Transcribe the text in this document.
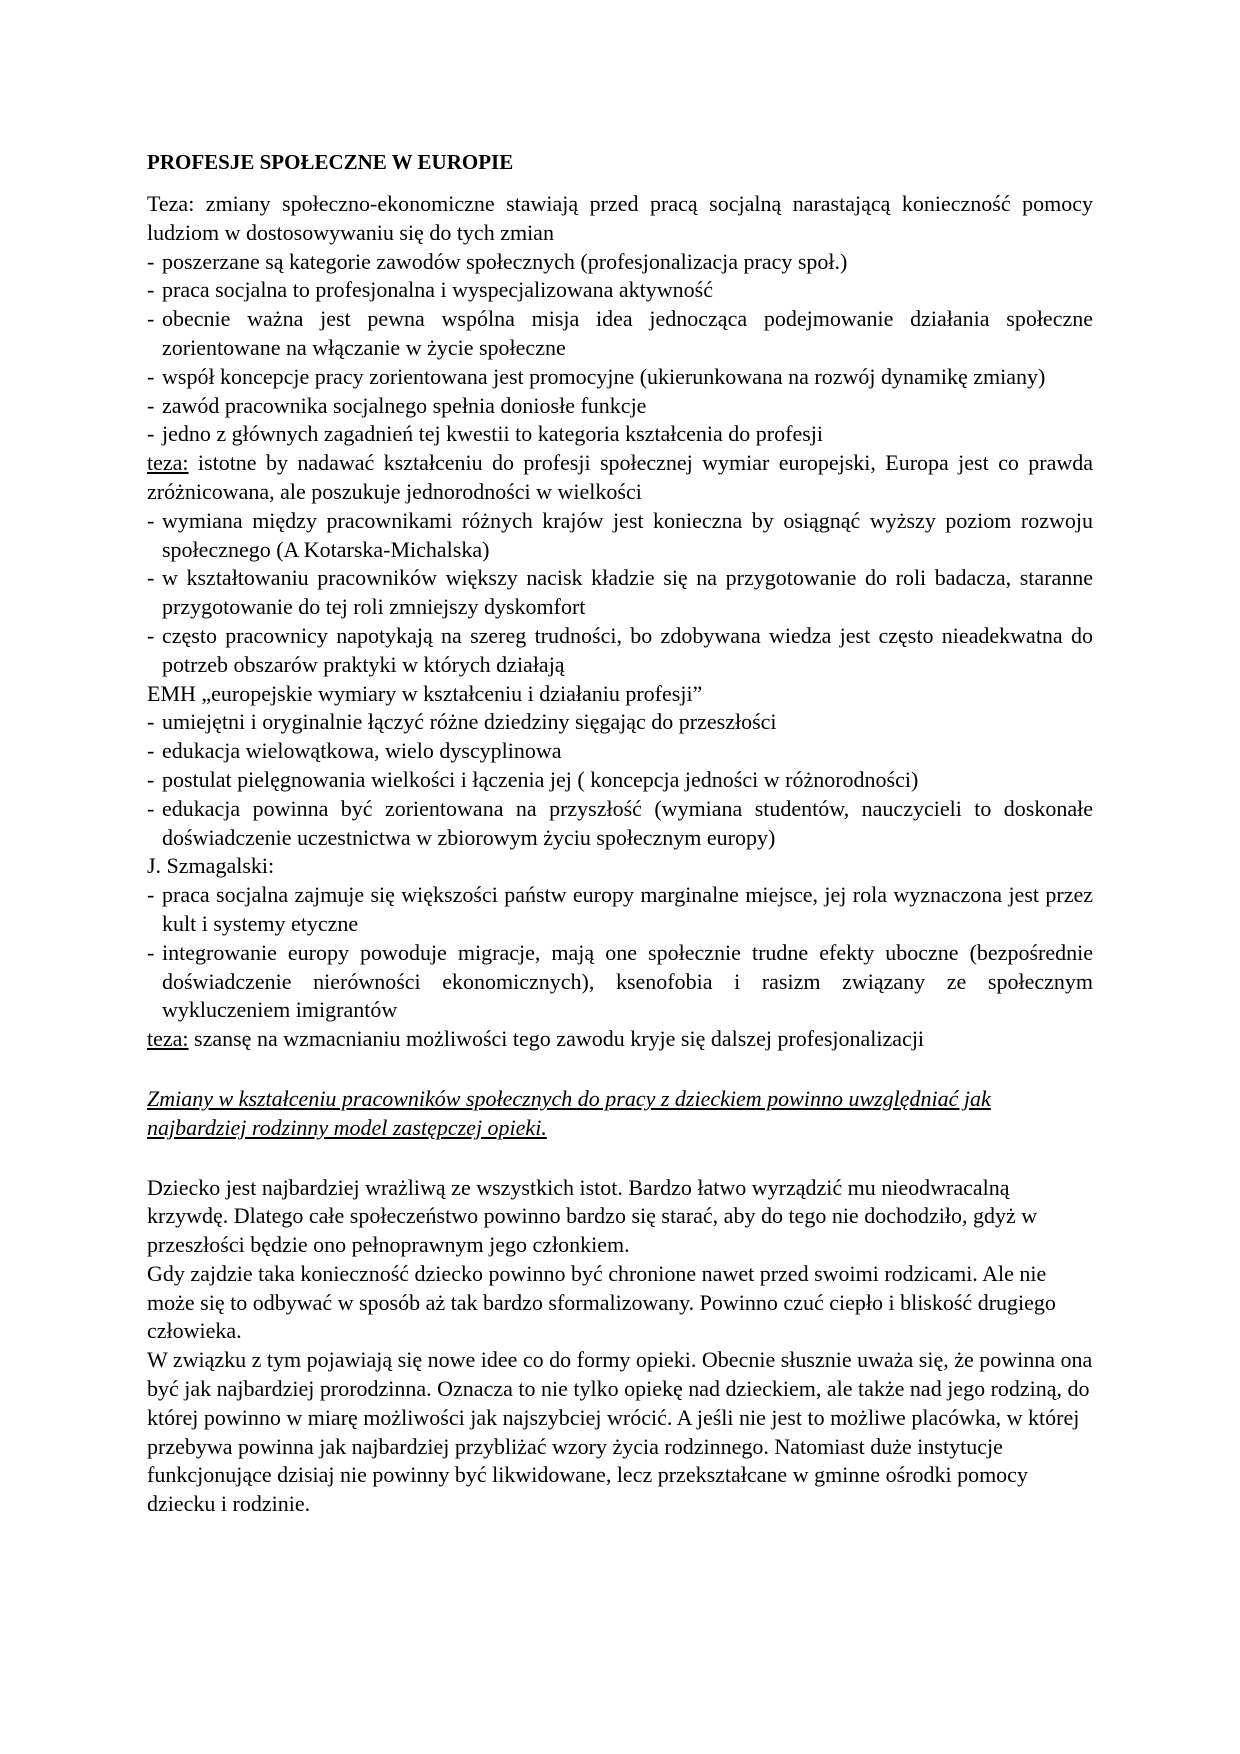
PROFESJE SPOŁECZNE W EUROPIE
Teza: zmiany społeczno-ekonomiczne stawiają przed pracą socjalną narastającą konieczność pomocy ludziom w dostosowywaniu się do tych zmian
- poszerzane są kategorie zawodów społecznych (profesjonalizacja pracy społ.)
- praca socjalna to profesjonalna i wyspecjalizowana aktywność
- obecnie ważna jest pewna wspólna misja idea jednocząca podejmowanie działania społeczne zorientowane na włączanie w życie społeczne
- współ koncepcje pracy zorientowana jest promocyjne (ukierunkowana na rozwój dynamikę zmiany)
- zawód pracownika socjalnego spełnia doniosłe funkcje
- jedno z głównych zagadnień tej kwestii to kategoria kształcenia do profesji
teza: istotne by nadawać kształceniu do profesji społecznej wymiar europejski, Europa jest co prawda zróżnicowana, ale poszukuje jednorodności w wielkości
- wymiana między pracownikami różnych krajów jest konieczna by osiągnąć wyższy poziom rozwoju społecznego (A Kotarska-Michalska)
- w kształtowaniu pracowników większy nacisk kładzie się na przygotowanie do roli badacza, staranne przygotowanie do tej roli zmniejszy dyskomfort
- często pracownicy napotykają na szereg trudności, bo zdobywana wiedza jest często nieadekwatna do potrzeb obszarów praktyki w których działają
EMH „europejskie wymiary w kształceniu i działaniu profesji”
- umiejętni i oryginalnie łączyć różne dziedziny sięgając do przeszłości
- edukacja wielowątkowa, wielo dyscyplinowa
- postulat pielęgnowania wielkości i łączenia jej ( koncepcja jedności w różnorodności)
- edukacja powinna być zorientowana na przyszłość (wymiana studentów, nauczycieli to doskonałe doświadczenie uczestnictwa w zbiorowym życiu społecznym europy)
J. Szmagalski:
- praca socjalna zajmuje się większości państw europy marginalne miejsce, jej rola wyznaczona jest przez kult i systemy etyczne
- integrowanie europy powoduje migracje, mają one społecznie trudne efekty uboczne (bezpośrednie doświadczenie nierówności ekonomicznych), ksenofobia i rasizm związany ze społecznym wykluczeniem imigrantów
teza: szansę na wzmacnianiu możliwości tego zawodu kryje się dalszej profesjonalizacji
Zmiany w kształceniu pracowników społecznych do pracy z dzieckiem powinno uwzględniać jak najbardziej rodzinny model zastępczej opieki.
Dziecko jest najbardziej wrażliwą ze wszystkich istot. Bardzo łatwo wyrządzić mu nieodwracalną krzywdę. Dlatego całe społeczeństwo powinno bardzo się starać, aby do tego nie dochodziło, gdyż w przeszłości będzie ono pełnoprawnym jego członkiem.
Gdy zajdzie taka konieczność dziecko powinno być chronione nawet przed swoimi rodzicami. Ale nie może się to odbywać w sposób aż tak bardzo sformalizowany. Powinno czuć ciepło i bliskość drugiego człowieka.
W związku z tym pojawiają się nowe idee co do formy opieki. Obecnie słusznie uważa się, że powinna ona być jak najbardziej prorodzinna. Oznacza to nie tylko opiekę nad dzieckiem, ale także nad jego rodziną, do której powinno w miarę możliwości jak najszybciej wrócić. A jeśli nie jest to możliwe placówka, w której przebywa powinna jak najbardziej przybliżać wzory życia rodzinnego. Natomiast duże instytucje funkcjonujące dzisiaj nie powinny być likwidowane, lecz przekształcane w gminne ośrodki pomocy dziecku i rodzinie.
